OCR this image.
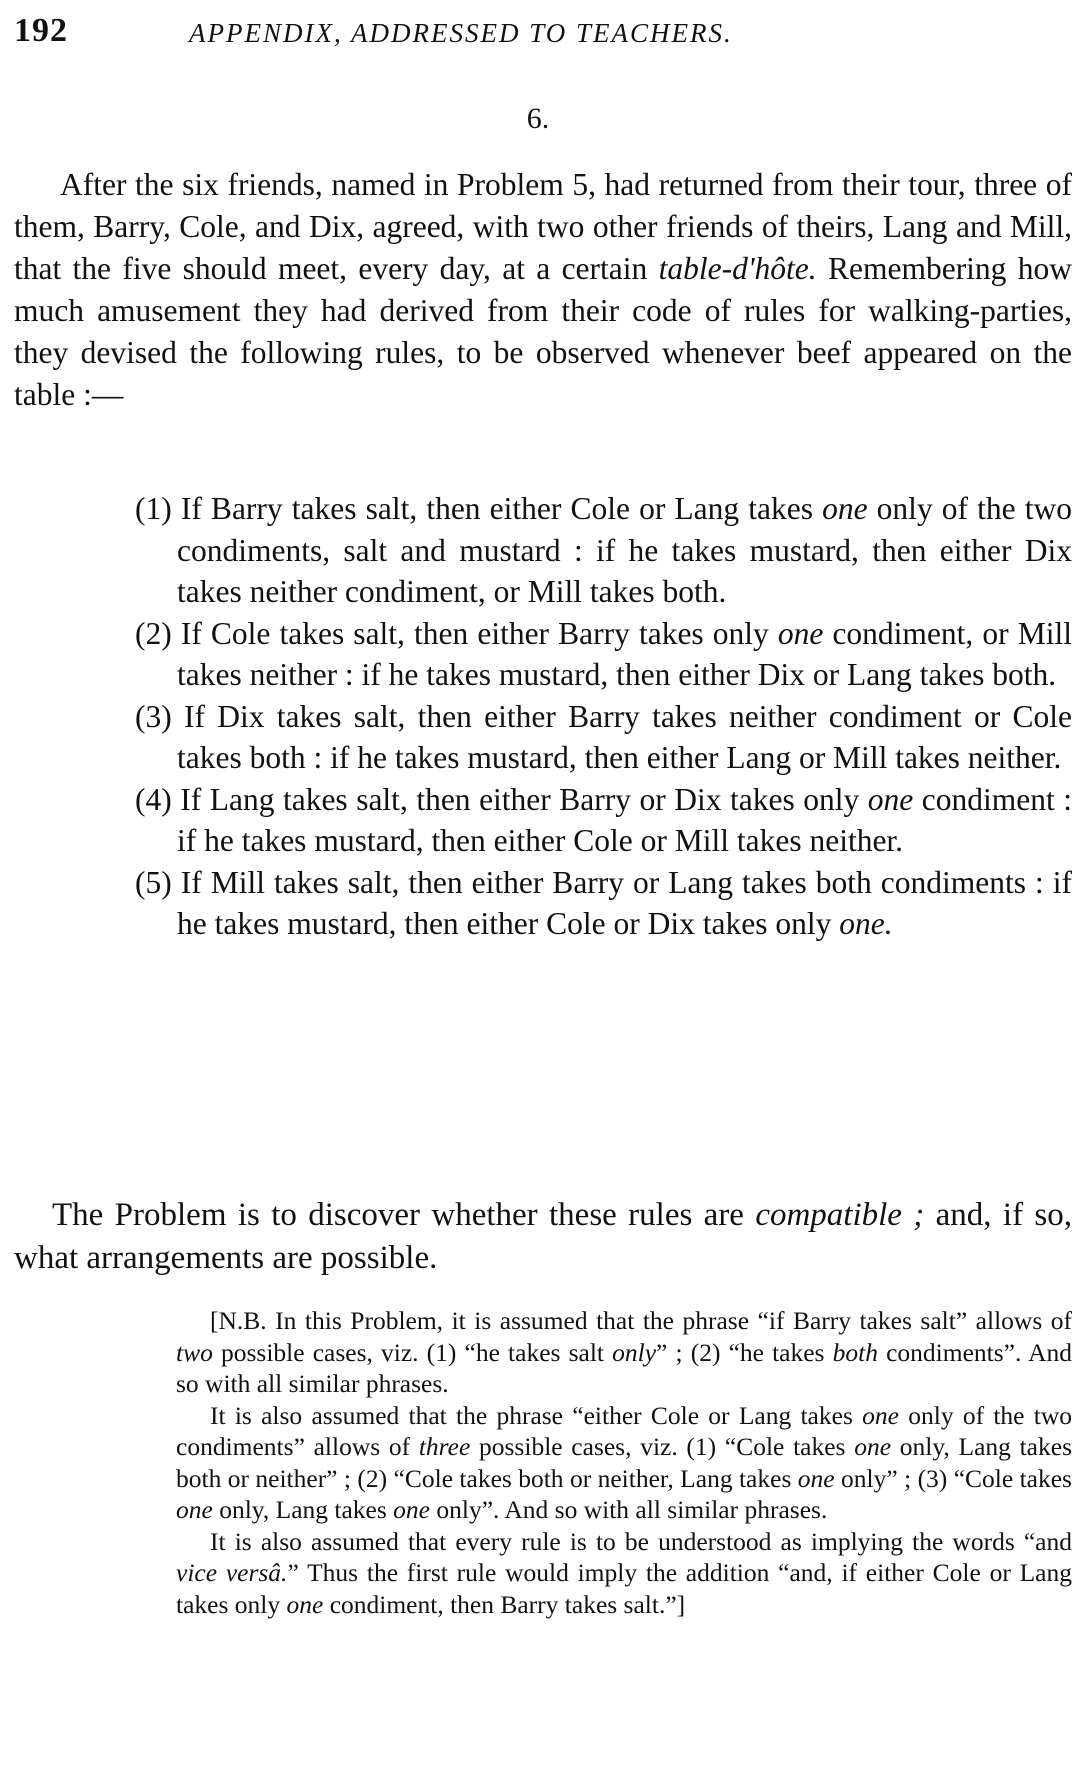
192	APPENDIX, ADDRESSED TO TEACHERS.
6.

After the six friends, named in Problem 5, had returned from their tour, three of them, Barry, Cole, and Dix, agreed, with two other friends of theirs, Lang and Mill, that the five should meet, every day, at a certain table-d'hôte. Remembering how much amusement they had derived from their code of rules for walking-parties, they devised the following rules, to be observed whenever beef appeared on the table :—

(1) If Barry takes salt, then either Cole or Lang takes one only of the two condiments, salt and mustard : if he takes mustard, then either Dix takes neither condiment, or Mill takes both.
(2) If Cole takes salt, then either Barry takes only one condiment, or Mill takes neither : if he takes mustard, then either Dix or Lang takes both.
(3) If Dix takes salt, then either Barry takes neither condiment or Cole takes both : if he takes mustard, then either Lang or Mill takes neither.
(4) If Lang takes salt, then either Barry or Dix takes only one condiment : if he takes mustard, then either Cole or Mill takes neither.
(5) If Mill takes salt, then either Barry or Lang takes both condiments : if he takes mustard, then either Cole or Dix takes only one.

The Problem is to discover whether these rules are compatible ; and, if so, what arrangements are possible.

[N.B. In this Problem, it is assumed that the phrase “if Barry takes salt” allows of two possible cases, viz. (1) “he takes salt only” ; (2) “he takes both condiments”. And so with all similar phrases.

It is also assumed that the phrase “either Cole or Lang takes one only of the two condiments” allows of three possible cases, viz. (1) “Cole takes one only, Lang takes both or neither” ; (2) “Cole takes both or neither, Lang takes one only” ; (3) “Cole takes one only, Lang takes one only”. And so with all similar phrases.

It is also assumed that every rule is to be understood as implying the words “and vice versâ.” Thus the first rule would imply the addition “and, if either Cole or Lang takes only one condiment, then Barry takes salt.”]
